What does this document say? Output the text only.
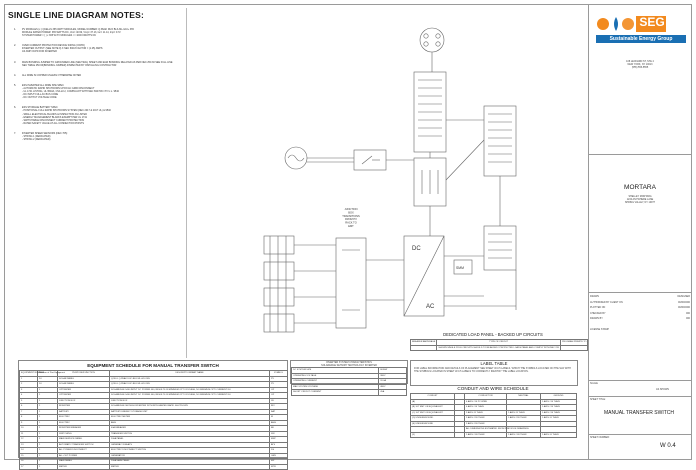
SINGLE LINE DIAGRAM NOTES:
1. PV MODULES (x ) QCELLS 365 WATT MODULES, MODEL NUMBER: Q.PEAK DUO BLK-ML-G10+ 365
MODULE RATED POWER: 365 WATTS DC, Voc= 40.99, Vmp= 37.13, Isc= 11.14, Imp= 9.72
SYSTEM POWER = ( ) x 365 W PV MODULES / = 1000 KWATTS DC
2. OVER CURRENT PROTECTION DEVICE SIZING (OCPD)
INVERTER OUTPUT: (SEE NOTE 9) X NEC 690.8 FACTOR = (1.25) AMPS
AS AMP OCPD FOR INVERTER
3. MAIN BONDING JUMPER TO GROUNDED LINE (NEUTRAL) SHEET AND EGR BONDING RELAYED AS PER NEC 250.30 SEE FULL LINE
NEC TABLE 250.66(BONDING JUMPER) INSPECTED BY INSTALLING CONTRACTOR
4. ALL WIRE IS COPPER UNLESS OTHERWISE NOTED
5. ESS INVERTER ALL WIRE SHE SPEC
- AUTOMATIC RAPID SHUTDOWN UPON AC GRID DISCONNECT
- UL 1741 LISTING, UL 9540A, CSA 22.2, COMPLIANT WITH NEC 690/706 / PV U.L. 9540
- DC INPUT FULL AC BUS CODE
- DC OUTPUT VOLTAGE CODE
6. ESS STORAGE BATTERY SPEC
- POSITIONAL FULL RAPID SHUTDOWN SYSTEM (NEC 2017 & 2017 UL) & 9540
- SMALL ELECTRICAL BLANKS & INSPECTION AS LISTED
- ENERGY MANAGEMENT BLANKS EXEMPT PER UL 1741
- SWITCHABLE DISCONNECT CURRENT PROTECTION
- RATED SAFETY VALUE AT ALL CONNECTION POINTS
7. INVERTER SPEED SENSORS (NEC 705):
- STRING 1 (DEDICATED)
- STRING 2 (DEDICATED)
JUNCTION
BOX
TRANSITIONS
FROM PV
RACK TO
EMT
DC
AC
SMM
SEG
Sustainable Energy Group
108 LEONARD ST, STE 4
NEW YORK, NY 10013
(555) 555-5555
MORTARA
SHELLEY MORTARA
1234 ANYWHERE LANE
SPRING VALLEY, NY 10977
DRAWN	DESIGNER
AUTHORIZED BY CLIENT ON	00/00/0000
PLOTTED ON	00/00/0000
CHECKED BY	000
DRAWN BY	000
LICENSE STAMP
SCALE
AS SHOWN
SHEET TITLE:
MANUAL TRANSFER SWITCH
SHEET NUMBER:
W 0.4
EQUIPMENT SCHEDULE FOR MANUAL TRANSFER SWITCH
EQUIPMENT NUMBER	Number of Part Equipment	PURPOSE/FUNCTION	DESCRIPTION/PART NAME	SYMBOL
1	24	SOLAR PANEL	QCELL Q.PEAK DUO BLK ML-G10 365	PV
2	24	SOLAR PANEL	QCELL Q.PEAK DUO BLK ML-G10 365	PV
3	1	OPTIMIZER	SOLAREDGE S440 INPUT DC POWER 440, RESULTS IN MINIMUM OPTI VOLTAGE, NO MINIMUM OPTI CURRENT 8.6	OP
4	1	OPTIMIZER	SOLAREDGE S440 INPUT DC POWER 440, RESULTS IN MINIMUM OPTI VOLTAGE, NO MINIMUM OPTI CURRENT 8.6	OP
5	1	JUNCTION BOX	JUNCTION BOX	JB
6	1	INVERTER	SOLAREDGE SE7600H INVERTER WITH INTEGRATED RAPID SHUTDOWN	INV
7	1	BATTERY	BATTERY ENERGY STORAGE UNIT	BAT
8	1	ELECTRIC	ELECTRIC METER	M
9	1	ELECTRIC	AMG	AMG
10	1	INVERTER BREAKER	40A BREAKER	BK
11	1	SWITCHING	TRANSFER SWITCH	SW
12	1	MAIN SERVICE PANEL	200A PANEL	MSP
13	1	AUTOMATIC TRANSFER SWITCH	GENERAC 200A ATS	ATS
14	1	ALL POWER DISCONNECT	ELECTRIC DISCONNECT SWITCH	DS
15	1	ALL-OUT POWER	GENERATOR	GEN
16	1	MAIN PANEL	200A MAIN PANEL	MP
17	1	METER	METER	MTR
INVERTER SYSTEM CHARACTERISTICS
SOLAREDGE SE7600H TECHNOLOGY INVERTER
DC SYSTEM SIZE	8030W
OPERATING VOLTAGE	380V
OPERATING CURRENT	20.0A
MAX SYSTEM VOLTAGE	480V
SHORT CIRCUIT CURRENT	45A
DEDICATED LOAD PANEL - BACKED UP CIRCUITS
BREAKER AMPERAGE	TYPE OF CIRCUIT	PROGRAM PRIMITE TO
	SHOWN SINGLE POLE CIRCUITS SHOULD TO BE ADDED / PROTECTED LOADS PANEL AND COMPLY WITH NEC 220	
LABEL TABLE
FOR LABEL INFORMATION AND DETAILS OF PLACEMENT SEE SHEET W-0.5 LABELS. WHICH THE SYMBOLS LOCATED ON THE SLD WITH THE SYMBOLS LOCATED IN SHEET W-0.5 LABELS TO CORRECTLY IDENTIFY THE LABEL LOCATION.
CONDUIT AND WIRE SCHEDULE
CONDUIT		CONDUCTOR	NEUTRAL	GROUND
(A)		4 AWG #10 PV WIRE		1 AWG #10 THHN
(B) 3/4" EMT OR EQUIVALENT		4 AWG #10 THHN		1 AWG #10 THHN
(C) 3/4" EMT OR EQUIVALENT		2 AWG #8 THHN	1 AWG #8 THHN	1 AWG #10 THHN
(D) UNDERGROUND		2 AWG #2/0 THHN	1 AWG #2/0 THHN	1 AWG #6 THHN
(E) UNDERGROUND		2 AWG #2/0 THHN		
		ALL DIMENSIONS ESTIMATED FROM PREVIOUS DRAWINGS		
(F)		1 AWG #1/0 THHN	1 AWG #1/0 THHN	1 AWG #6 THHN
